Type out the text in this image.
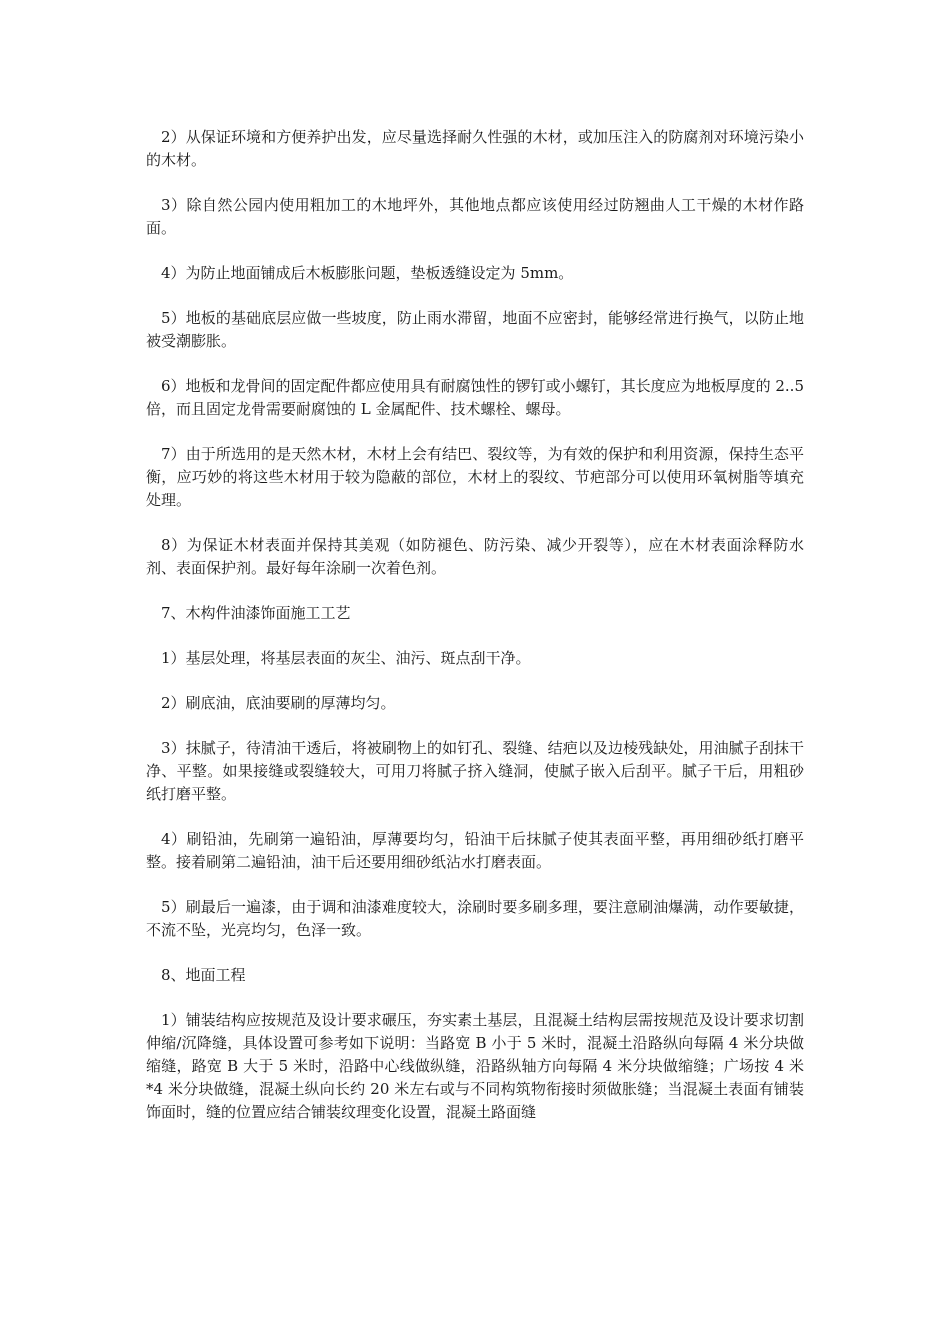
2）从保证环境和方便养护出发，应尽量选择耐久性强的木材，或加压注入的防腐剂对环境污染小的木材。

3）除自然公园内使用粗加工的木地坪外，其他地点都应该使用经过防翘曲人工干燥的木材作路面。

4）为防止地面铺成后木板膨胀问题，垫板透缝设定为 5mm。

5）地板的基础底层应做一些坡度，防止雨水滞留，地面不应密封，能够经常进行换气，以防止地被受潮膨胀。

6）地板和龙骨间的固定配件都应使用具有耐腐蚀性的锣钉或小螺钉，其长度应为地板厚度的 2..5 倍，而且固定龙骨需要耐腐蚀的 L 金属配件、技术螺栓、螺母。

7）由于所选用的是天然木材，木材上会有结巴、裂纹等，为有效的保护和利用资源，保持生态平衡，应巧妙的将这些木材用于较为隐蔽的部位，木材上的裂纹、节疤部分可以使用环氧树脂等填充处理。

8）为保证木材表面并保持其美观（如防褪色、防污染、减少开裂等），应在木材表面涂释防水剂、表面保护剂。最好每年涂刷一次着色剂。

7、木构件油漆饰面施工工艺

1）基层处理，将基层表面的灰尘、油污、斑点刮干净。

2）刷底油，底油要刷的厚薄均匀。

3）抹腻子，待清油干透后，将被刷物上的如钉孔、裂缝、结疤以及边棱残缺处，用油腻子刮抹干净、平整。如果接缝或裂缝较大，可用刀将腻子挤入缝洞，使腻子嵌入后刮平。腻子干后，用粗砂纸打磨平整。

4）刷铅油，先刷第一遍铅油，厚薄要均匀，铅油干后抹腻子使其表面平整，再用细砂纸打磨平整。接着刷第二遍铅油，油干后还要用细砂纸沾水打磨表面。

5）刷最后一遍漆，由于调和油漆难度较大，涂刷时要多刷多理，要注意刷油爆满，动作要敏捷，不流不坠，光亮均匀，色泽一致。

8、地面工程

1）铺装结构应按规范及设计要求碾压，夯实素土基层，且混凝土结构层需按规范及设计要求切割伸缩/沉降缝，具体设置可参考如下说明：当路宽 B 小于 5 米时，混凝土沿路纵向每隔 4 米分块做缩缝，路宽 B 大于 5 米时，沿路中心线做纵缝，沿路纵轴方向每隔 4 米分块做缩缝；广场按 4 米*4 米分块做缝，混凝土纵向长约 20 米左右或与不同构筑物衔接时须做胀缝；当混凝土表面有铺装饰面时，缝的位置应结合铺装纹理变化设置，混凝土路面缝
